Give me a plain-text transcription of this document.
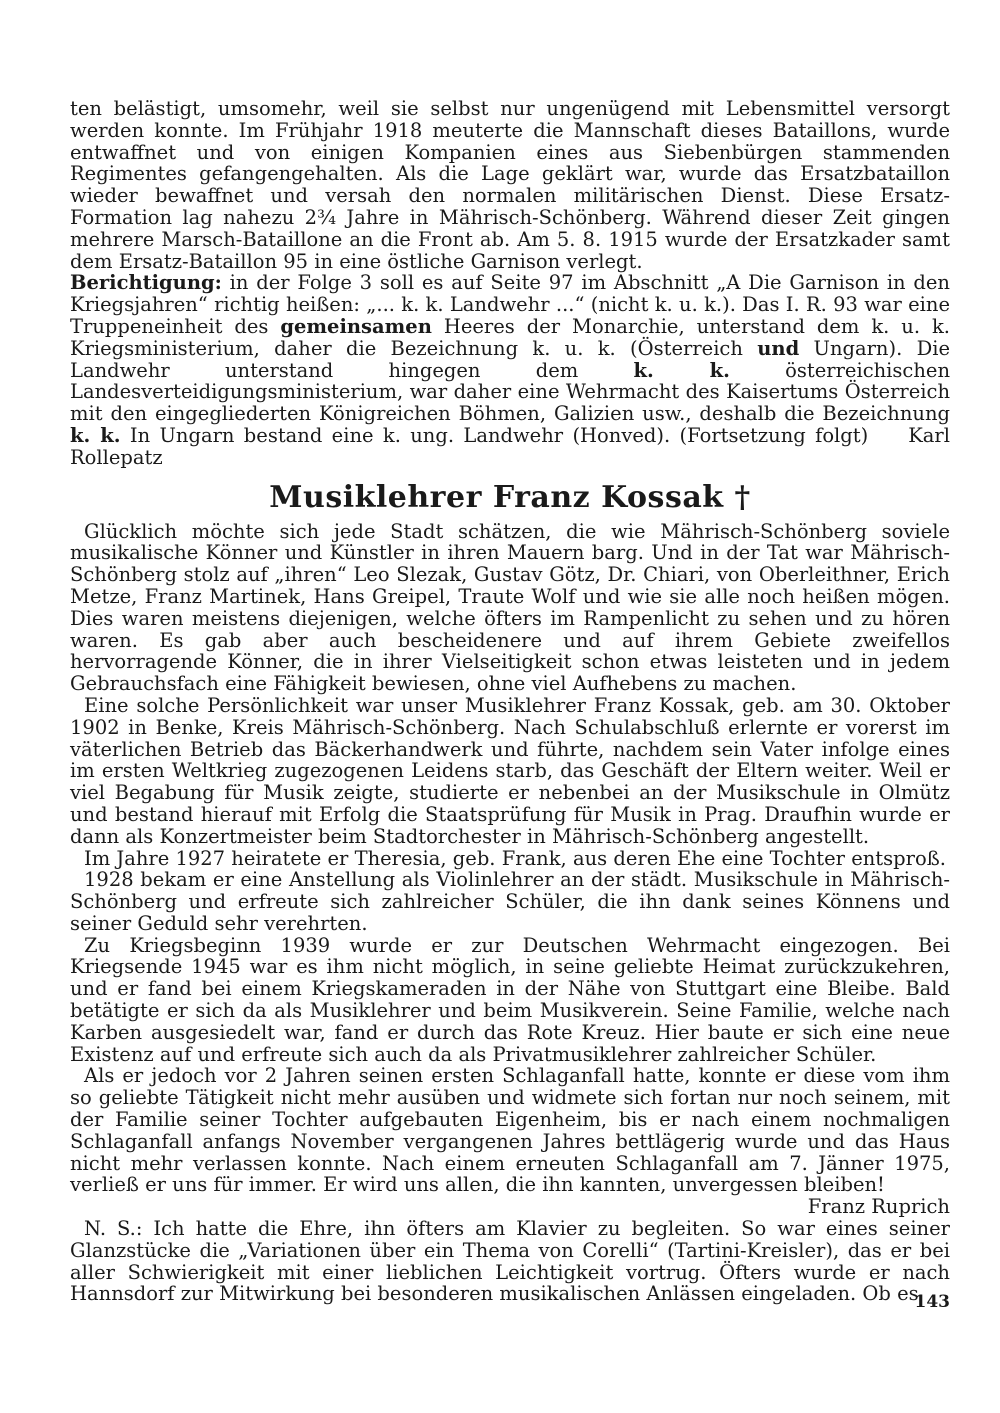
ten belästigt, umsomehr, weil sie selbst nur ungenügend mit Lebensmittel versorgt werden konnte. Im Frühjahr 1918 meuterte die Mannschaft dieses Bataillons, wurde entwaffnet und von einigen Kompanien eines aus Siebenbürgen stammenden Regimentes gefangengehalten. Als die Lage geklärt war, wurde das Ersatzbataillon wieder bewaffnet und versah den normalen militärischen Dienst. Diese Ersatz-Formation lag nahezu 2¾ Jahre in Mährisch-Schönberg. Während dieser Zeit gingen mehrere Marsch-Bataillone an die Front ab. Am 5. 8. 1915 wurde der Ersatzkader samt dem Ersatz-Bataillon 95 in eine östliche Garnison verlegt.

Berichtigung: in der Folge 3 soll es auf Seite 97 im Abschnitt „A Die Garnison in den Kriegsjahren“ richtig heißen: „... k. k. Landwehr ...“ (nicht k. u. k.). Das I. R. 93 war eine Truppeneinheit des gemeinsamen Heeres der Monarchie, unterstand dem k. u. k. Kriegsministerium, daher die Bezeichnung k. u. k. (Österreich und Ungarn). Die Landwehr unterstand hingegen dem k. k. österreichischen Landesverteidigungsministerium, war daher eine Wehrmacht des Kaisertums Österreich mit den eingegliederten Königreichen Böhmen, Galizien usw., deshalb die Bezeichnung k. k. In Ungarn bestand eine k. ung. Landwehr (Honved). (Fortsetzung folgt) Karl Rollepatz

Musiklehrer Franz Kossak †

Glücklich möchte sich jede Stadt schätzen, die wie Mährisch-Schönberg soviele musikalische Könner und Künstler in ihren Mauern barg. Und in der Tat war Mährisch-Schönberg stolz auf „ihren“ Leo Slezak, Gustav Götz, Dr. Chiari, von Oberleithner, Erich Metze, Franz Martinek, Hans Greipel, Traute Wolf und wie sie alle noch heißen mögen. Dies waren meistens diejenigen, welche öfters im Rampenlicht zu sehen und zu hören waren. Es gab aber auch bescheidenere und auf ihrem Gebiete zweifellos hervorragende Könner, die in ihrer Vielseitigkeit schon etwas leisteten und in jedem Gebrauchsfach eine Fähigkeit bewiesen, ohne viel Aufhebens zu machen.

Eine solche Persönlichkeit war unser Musiklehrer Franz Kossak, geb. am 30. Oktober 1902 in Benke, Kreis Mährisch-Schönberg. Nach Schulabschluß erlernte er vorerst im väterlichen Betrieb das Bäckerhandwerk und führte, nachdem sein Vater infolge eines im ersten Weltkrieg zugezogenen Leidens starb, das Geschäft der Eltern weiter. Weil er viel Begabung für Musik zeigte, studierte er nebenbei an der Musikschule in Olmütz und bestand hierauf mit Erfolg die Staatsprüfung für Musik in Prag. Draufhin wurde er dann als Konzertmeister beim Stadtorchester in Mährisch-Schönberg angestellt.

Im Jahre 1927 heiratete er Theresia, geb. Frank, aus deren Ehe eine Tochter entsproß.

1928 bekam er eine Anstellung als Violinlehrer an der städt. Musikschule in Mährisch-Schönberg und erfreute sich zahlreicher Schüler, die ihn dank seines Könnens und seiner Geduld sehr verehrten.

Zu Kriegsbeginn 1939 wurde er zur Deutschen Wehrmacht eingezogen. Bei Kriegsende 1945 war es ihm nicht möglich, in seine geliebte Heimat zurückzukehren, und er fand bei einem Kriegskameraden in der Nähe von Stuttgart eine Bleibe. Bald betätigte er sich da als Musiklehrer und beim Musikverein. Seine Familie, welche nach Karben ausgesiedelt war, fand er durch das Rote Kreuz. Hier baute er sich eine neue Existenz auf und erfreute sich auch da als Privatmusiklehrer zahlreicher Schüler.

Als er jedoch vor 2 Jahren seinen ersten Schlaganfall hatte, konnte er diese vom ihm so geliebte Tätigkeit nicht mehr ausüben und widmete sich fortan nur noch seinem, mit der Familie seiner Tochter aufgebauten Eigenheim, bis er nach einem nochmaligen Schlaganfall anfangs November vergangenen Jahres bettlägerig wurde und das Haus nicht mehr verlassen konnte. Nach einem erneuten Schlaganfall am 7. Jänner 1975, verließ er uns für immer. Er wird uns allen, die ihn kannten, unvergessen bleiben!

Franz Ruprich

N. S.: Ich hatte die Ehre, ihn öfters am Klavier zu begleiten. So war eines seiner Glanzstücke die „Variationen über ein Thema von Corelli“ (Tartini-Kreisler), das er bei aller Schwierigkeit mit einer lieblichen Leichtigkeit vortrug. Öfters wurde er nach Hannsdorf zur Mitwirkung bei besonderen musikalischen Anlässen eingeladen. Ob es

143
